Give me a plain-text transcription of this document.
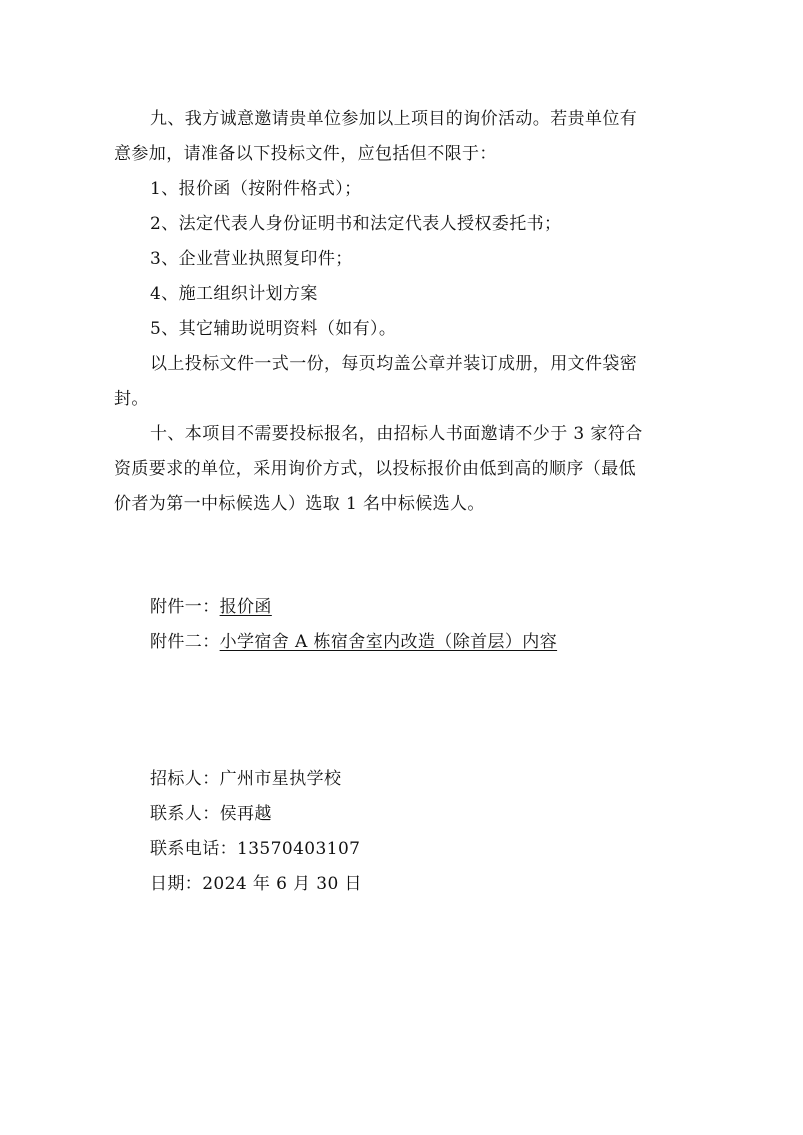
九、我方诚意邀请贵单位参加以上项目的询价活动。若贵单位有

意参加，请准备以下投标文件，应包括但不限于：

1、报价函（按附件格式）；

2、法定代表人身份证明书和法定代表人授权委托书；

3、企业营业执照复印件；

4、施工组织计划方案

5、其它辅助说明资料（如有）。

以上投标文件一式一份，每页均盖公章并装订成册，用文件袋密

封。

十、本项目不需要投标报名，由招标人书面邀请不少于 3 家符合

资质要求的单位，采用询价方式，以投标报价由低到高的顺序（最低

价者为第一中标候选人）选取 1 名中标候选人。

附件一：报价函

附件二：小学宿舍 A 栋宿舍室内改造（除首层）内容

招标人：广州市星执学校

联系人：侯再越

联系电话：13570403107

日期：2024 年 6 月 30 日
